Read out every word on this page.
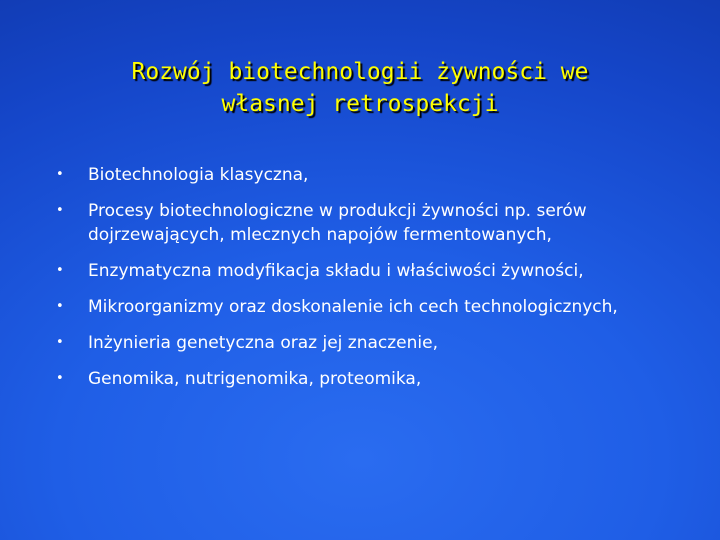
Rozwój biotechnologii żywności we
własnej retrospekcji
• Biotechnologia klasyczna,
• Procesy biotechnologiczne w produkcji żywności np. serów dojrzewających, mlecznych napojów fermentowanych,
• Enzymatyczna modyfikacja składu i właściwości żywności,
• Mikroorganizmy oraz doskonalenie ich cech technologicznych,
• Inżynieria genetyczna oraz jej znaczenie,
• Genomika, nutrigenomika, proteomika,
